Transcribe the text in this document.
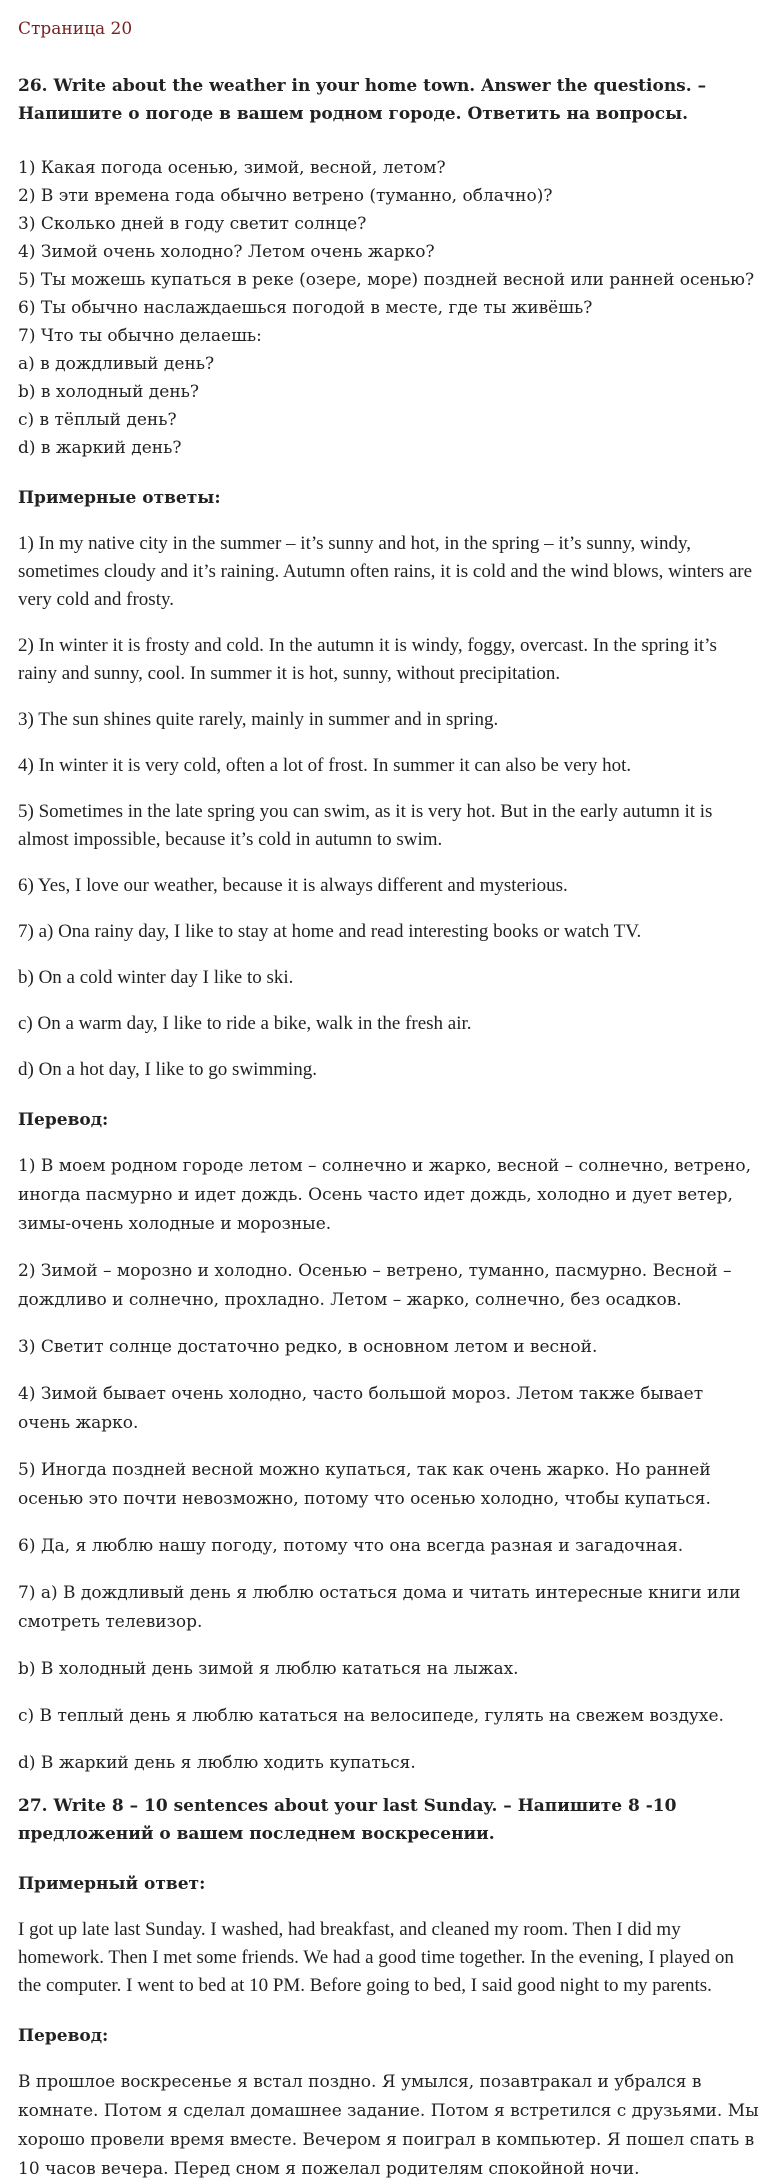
Страница 20
26. Write about the weather in your home town. Answer the questions. – Напишите о погоде в вашем родном городе. Ответить на вопросы.
1) Какая погода осенью, зимой, весной, летом?
2) В эти времена года обычно ветрено (туманно, облачно)?
3) Сколько дней в году светит солнце?
4) Зимой очень холодно? Летом очень жарко?
5) Ты можешь купаться в реке (озере, море) поздней весной или ранней осенью?
6) Ты обычно наслаждаешься погодой в месте, где ты живёшь?
7) Что ты обычно делаешь:
a) в дождливый день?
b) в холодный день?
c) в тёплый день?
d) в жаркий день?
Примерные ответы:

1) In my native city in the summer – it’s sunny and hot, in the spring – it’s sunny, windy, sometimes cloudy and it’s raining. Autumn often rains, it is cold and the wind blows, winters are very cold and frosty.

2) In winter it is frosty and cold. In the autumn it is windy, foggy, overcast. In the spring it’s rainy and sunny, cool. In summer it is hot, sunny, without precipitation.

3) The sun shines quite rarely, mainly in summer and in spring.

4) In winter it is very cold, often a lot of frost. In summer it can also be very hot.

5) Sometimes in the late spring you can swim, as it is very hot. But in the early autumn it is almost impossible, because it’s cold in autumn to swim.

6) Yes, I love our weather, because it is always different and mysterious.

7) a) Ona rainy day, I like to stay at home and read interesting books or watch TV.

b) On a cold winter day I like to ski.

c) On a warm day, I like to ride a bike, walk in the fresh air.

d) On a hot day, I like to go swimming.

Перевод:

1) В моем родном городе летом – солнечно и жарко, весной – солнечно, ветрено, иногда пасмурно и идет дождь. Осень часто идет дождь, холодно и дует ветер, зимы-очень холодные и морозные.

2) Зимой – морозно и холодно. Осенью – ветрено, туманно, пасмурно. Весной – дождливо и солнечно, прохладно. Летом – жарко, солнечно, без осадков.

3) Светит солнце достаточно редко, в основном летом и весной.

4) Зимой бывает очень холодно, часто большой мороз. Летом также бывает очень жарко.

5) Иногда поздней весной можно купаться, так как очень жарко. Но ранней осенью это почти невозможно, потому что осенью холодно, чтобы купаться.

6) Да, я люблю нашу погоду, потому что она всегда разная и загадочная.

7) а) В дождливый день я люблю остаться дома и читать интересные книги или смотреть телевизор.

b) В холодный день зимой я люблю кататься на лыжах.

c) В теплый день я люблю кататься на велосипеде, гулять на свежем воздухе.

d) В жаркий день я люблю ходить купаться.

27. Write 8 – 10 sentences about your last Sunday. – Напишите 8 -10 предложений о вашем последнем воскресении.
Примерный ответ:

I got up late last Sunday. I washed, had breakfast, and cleaned my room. Then I did my homework. Then I met some friends. We had a good time together. In the evening, I played on the computer. I went to bed at 10 PM. Before going to bed, I said good night to my parents.

Перевод:

В прошлое воскресенье я встал поздно. Я умылся, позавтракал и убрался в комнате. Потом я сделал домашнее задание. Потом я встретился с друзьями. Мы хорошо провели время вместе. Вечером я поиграл в компьютер. Я пошел спать в 10 часов вечера. Перед сном я пожелал родителям спокойной ночи.
